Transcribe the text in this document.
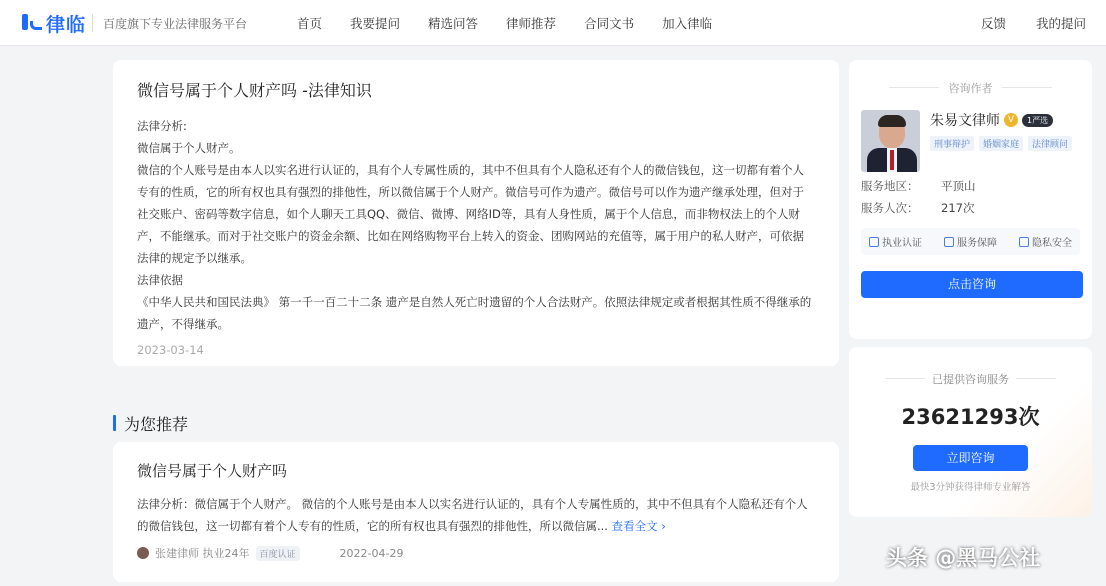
律临 百度旗下专业法律服务平台	首页 我要提问 精选问答 律师推荐 合同文书 加入律临	反馈 我的提问
微信号属于个人财产吗 -法律知识

法律分析:

微信属于个人财产。

微信的个人账号是由本人以实名进行认证的，具有个人专属性质的，其中不但具有个人隐私还有个人的微信钱包，这一切都有着个人专有的性质，它的所有权也具有强烈的排他性，所以微信属于个人财产。微信号可作为遗产。微信号可以作为遗产继承处理，但对于社交账户、密码等数字信息，如个人聊天工具QQ、微信、微博、网络ID等，具有人身性质，属于个人信息，而非物权法上的个人财产，不能继承。而对于社交账户的资金余额、比如在网络购物平台上转入的资金、团购网站的充值等，属于用户的私人财产，可依据法律的规定予以继承。

法律依据

《中华人民共和国民法典》 第一千一百二十二条 遗产是自然人死亡时遗留的个人合法财产。依照法律规定或者根据其性质不得继承的遗产，不得继承。

2023-03-14
为您推荐
微信号属于个人财产吗
法律分析：微信属于个人财产。 微信的个人账号是由本人以实名进行认证的，具有个人专属性质的，其中不但具有个人隐私还有个人的微信钱包，这一切都有着个人专有的性质，它的所有权也具有强烈的排他性，所以微信属... 查看全文 ›
张建律师 执业24年	百度认证	2022-04-29
咨询作者
朱易文律师 V	1严选
刑事辩护	婚姻家庭	法律顾问
服务地区：	平顶山
服务人次：	217次
执业认证	服务保障	隐私安全
点击咨询
已提供咨询服务
23621293次
立即咨询
最快3分钟获得律师专业解答
头条 @黑马公社
